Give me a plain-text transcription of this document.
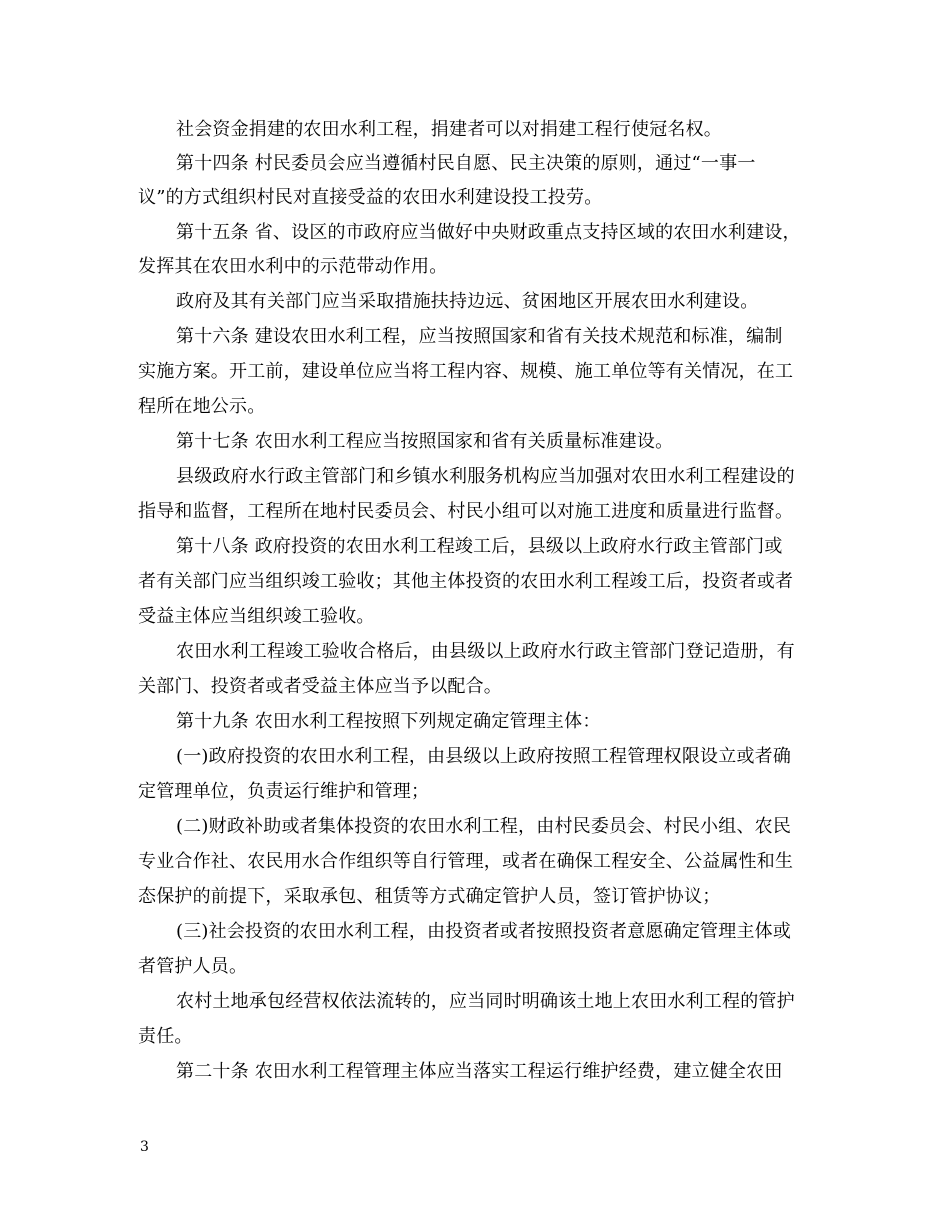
社会资金捐建的农田水利工程，捐建者可以对捐建工程行使冠名权。
第十四条 村民委员会应当遵循村民自愿、民主决策的原则，通过“一事一
议”的方式组织村民对直接受益的农田水利建设投工投劳。
第十五条 省、设区的市政府应当做好中央财政重点支持区域的农田水利建设，
发挥其在农田水利中的示范带动作用。
政府及其有关部门应当采取措施扶持边远、贫困地区开展农田水利建设。
第十六条 建设农田水利工程，应当按照国家和省有关技术规范和标准，编制
实施方案。开工前，建设单位应当将工程内容、规模、施工单位等有关情况，在工
程所在地公示。
第十七条 农田水利工程应当按照国家和省有关质量标准建设。
县级政府水行政主管部门和乡镇水利服务机构应当加强对农田水利工程建设的
指导和监督，工程所在地村民委员会、村民小组可以对施工进度和质量进行监督。
第十八条 政府投资的农田水利工程竣工后，县级以上政府水行政主管部门或
者有关部门应当组织竣工验收；其他主体投资的农田水利工程竣工后，投资者或者
受益主体应当组织竣工验收。
农田水利工程竣工验收合格后，由县级以上政府水行政主管部门登记造册，有
关部门、投资者或者受益主体应当予以配合。
第十九条 农田水利工程按照下列规定确定管理主体：
(一)政府投资的农田水利工程，由县级以上政府按照工程管理权限设立或者确
定管理单位，负责运行维护和管理；
(二)财政补助或者集体投资的农田水利工程，由村民委员会、村民小组、农民
专业合作社、农民用水合作组织等自行管理，或者在确保工程安全、公益属性和生
态保护的前提下，采取承包、租赁等方式确定管护人员，签订管护协议；
(三)社会投资的农田水利工程，由投资者或者按照投资者意愿确定管理主体或
者管护人员。
农村土地承包经营权依法流转的，应当同时明确该土地上农田水利工程的管护
责任。
第二十条 农田水利工程管理主体应当落实工程运行维护经费，建立健全农田
3
